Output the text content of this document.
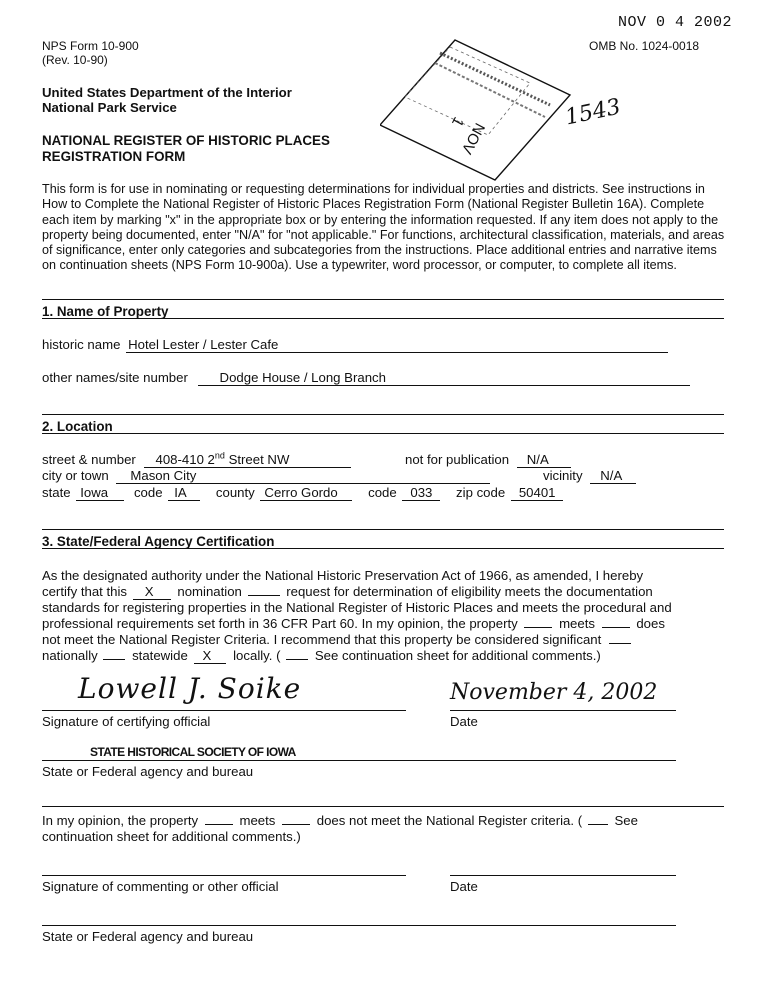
NOV 0 4 2002
NPS Form 10-900
(Rev. 10-90)
OMB No. 1024-0018
United States Department of the Interior
National Park Service
NATIONAL REGISTER OF HISTORIC PLACES
REGISTRATION FORM	NOV
1	1543
This form is for use in nominating or requesting determinations for individual properties and districts. See instructions in How to Complete the National Register of Historic Places Registration Form (National Register Bulletin 16A). Complete each item by marking "x" in the appropriate box or by entering the information requested. If any item does not apply to the property being documented, enter "N/A" for "not applicable." For functions, architectural classification, materials, and areas of significance, enter only categories and subcategories from the instructions. Place additional entries and narrative items on continuation sheets (NPS Form 10-900a). Use a typewriter, word processor, or computer, to complete all items.
1. Name of Property
historic name Hotel Lester / Lester Cafe
other names/site number Dodge House / Long Branch
2. Location
street & number 408-410 2nd Street NW	not for publication N/A
city or town Mason City	vicinity N/A
state Iowa code IA county Cerro Gordo code 033 zip code 50401
3. State/Federal Agency Certification
As the designated authority under the National Historic Preservation Act of 1966, as amended, I hereby
certify that this X nomination	request for determination of eligibility meets the documentation
standards for registering properties in the National Register of Historic Places and meets the procedural and
professional requirements set forth in 36 CFR Part 60. In my opinion, the property	meets	does
not meet the National Register Criteria. I recommend that this property be considered significant
nationally	statewide X locally. (	See continuation sheet for additional comments.)
Lowell J. Soike	November 4, 2002
Signature of certifying official	Date
STATE HISTORICAL SOCIETY OF IOWA
State or Federal agency and bureau
In my opinion, the property	meets	does not meet the National Register criteria. ( See
continuation sheet for additional comments.)
Signature of commenting or other official	Date
State or Federal agency and bureau
